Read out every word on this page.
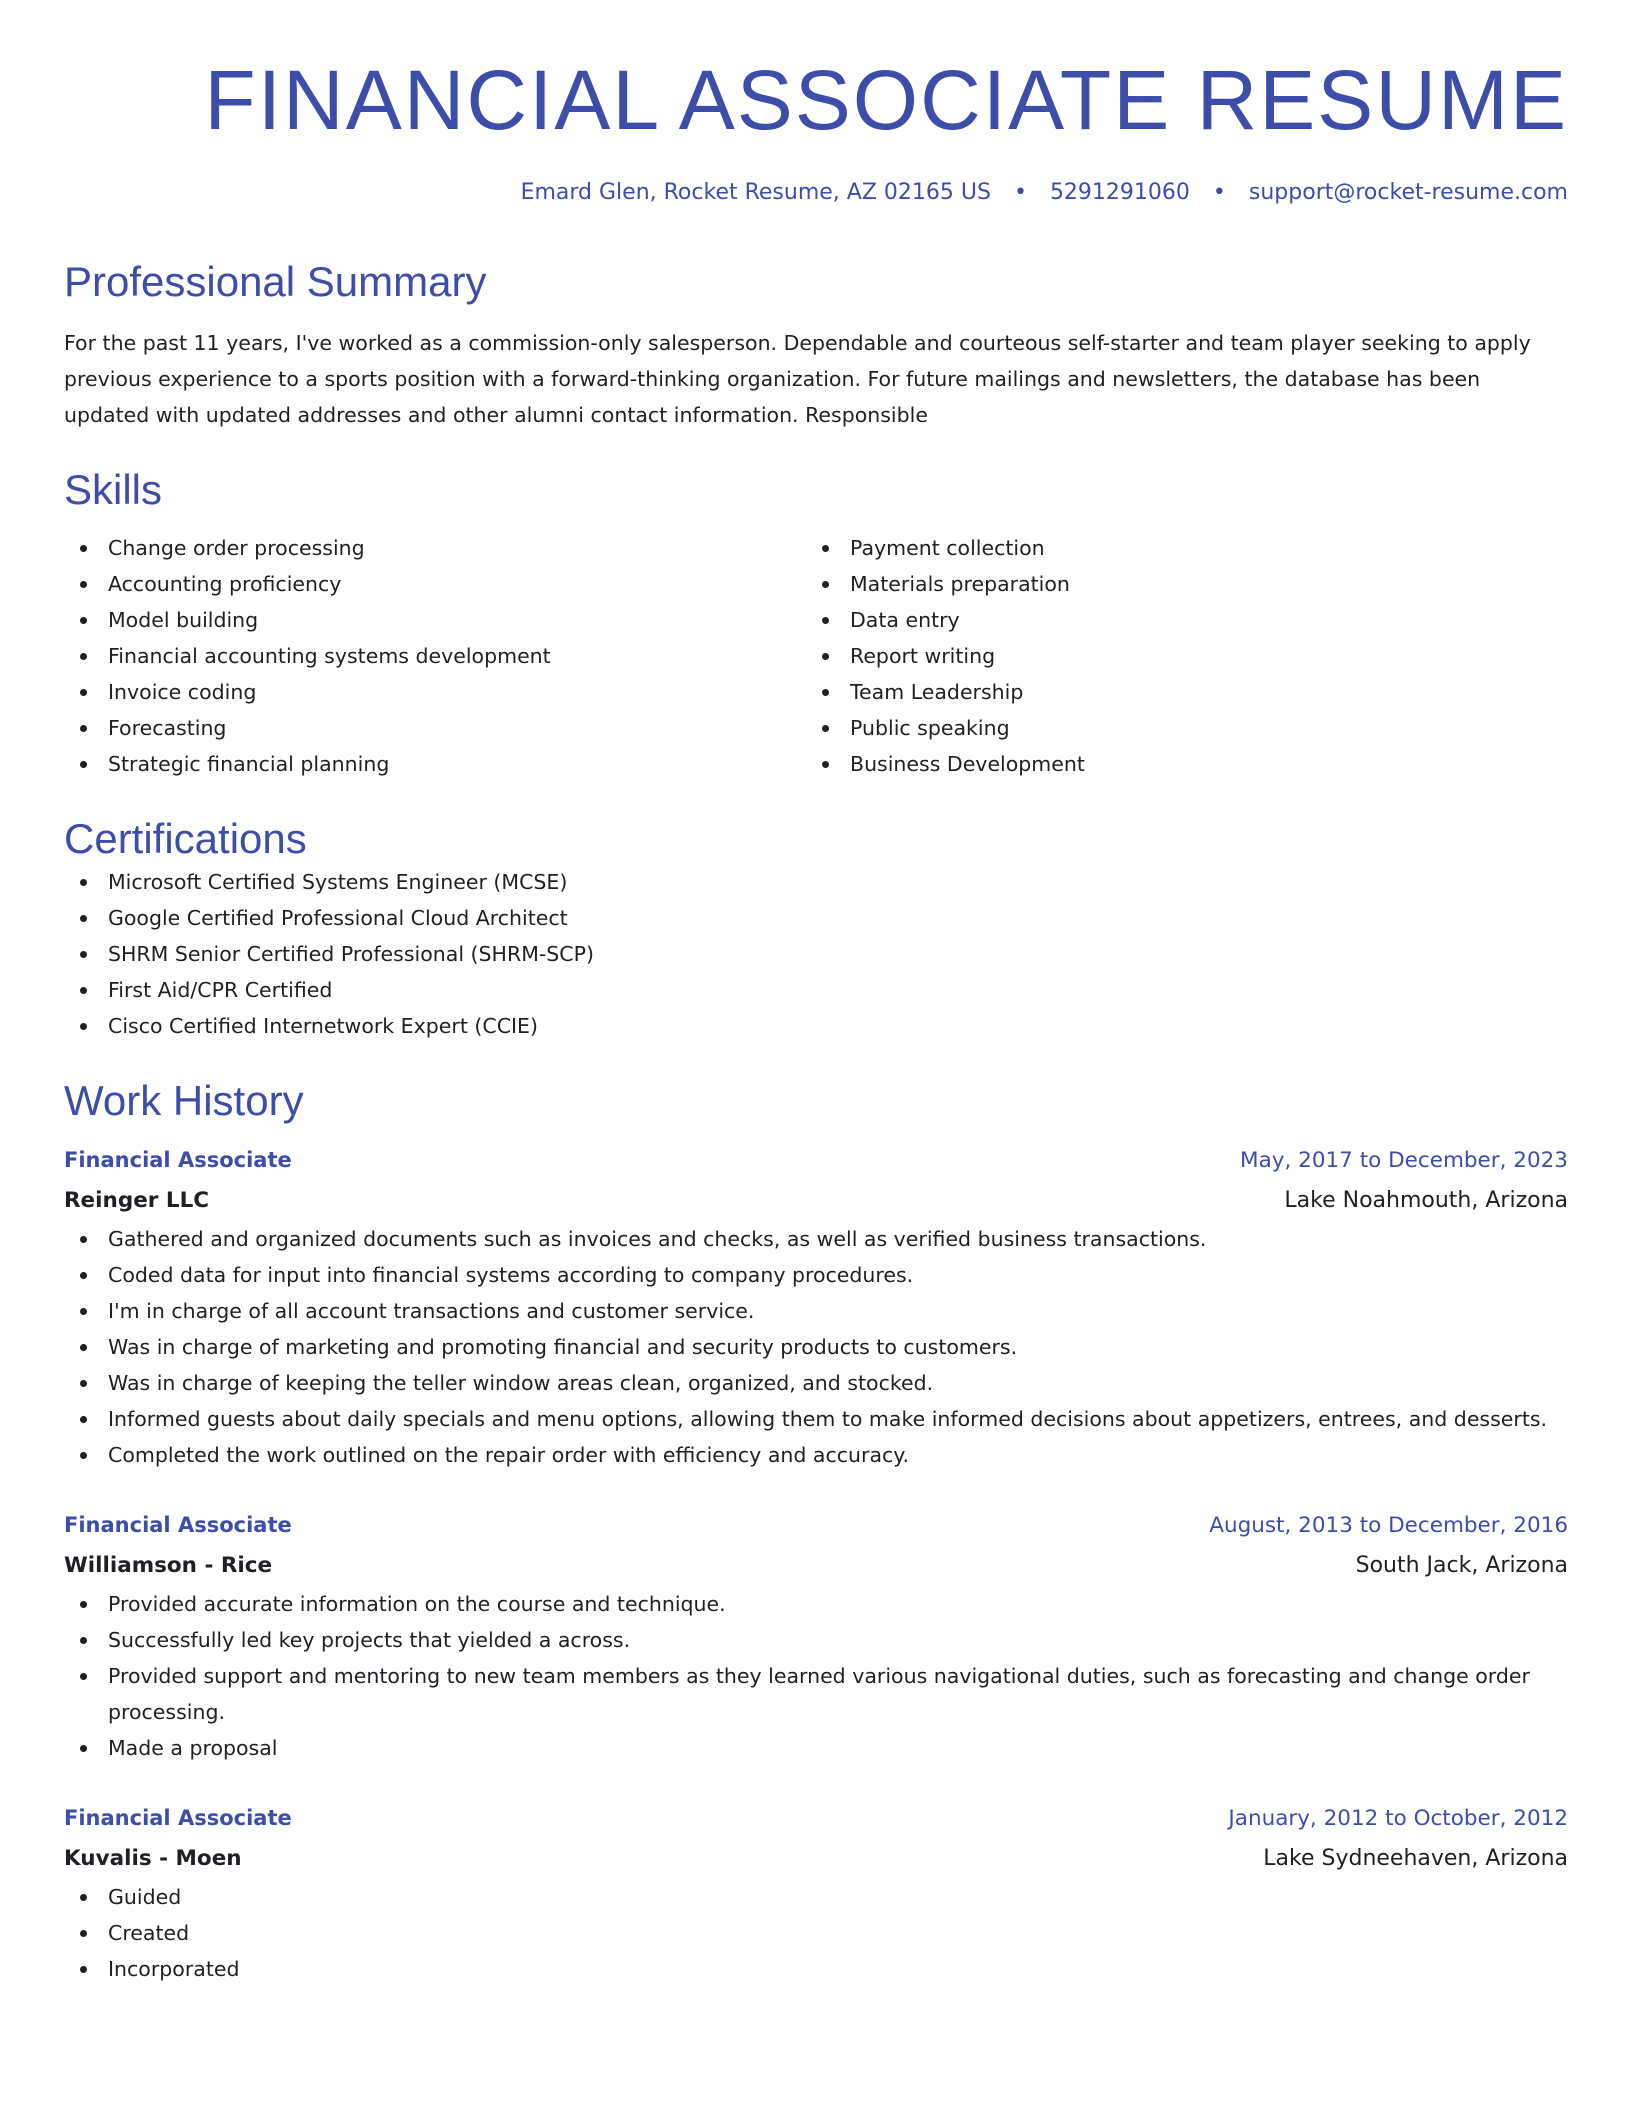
FINANCIAL ASSOCIATE RESUME
Emard Glen, Rocket Resume, AZ 02165 US • 5291291060 • support@rocket-resume.com
Professional Summary

For the past 11 years, I've worked as a commission-only salesperson. Dependable and courteous self-starter and team player seeking to apply previous experience to a sports position with a forward-thinking organization. For future mailings and newsletters, the database has been updated with updated addresses and other alumni contact information. Responsible

Skills
Change order processing
Accounting proficiency
Model building
Financial accounting systems development
Invoice coding
Forecasting
Strategic financial planning
Payment collection
Materials preparation
Data entry
Report writing
Team Leadership
Public speaking
Business Development
Certifications
Microsoft Certified Systems Engineer (MCSE)
Google Certified Professional Cloud Architect
SHRM Senior Certified Professional (SHRM-SCP)
First Aid/CPR Certified
Cisco Certified Internetwork Expert (CCIE)
Work History
Financial Associate	May, 2017 to December, 2023
Reinger LLC	Lake Noahmouth, Arizona
Gathered and organized documents such as invoices and checks, as well as verified business transactions.
Coded data for input into financial systems according to company procedures.
I'm in charge of all account transactions and customer service.
Was in charge of marketing and promoting financial and security products to customers.
Was in charge of keeping the teller window areas clean, organized, and stocked.
Informed guests about daily specials and menu options, allowing them to make informed decisions about appetizers, entrees, and desserts.
Completed the work outlined on the repair order with efficiency and accuracy.
Financial Associate	August, 2013 to December, 2016
Williamson - Rice	South Jack, Arizona
Provided accurate information on the course and technique.
Successfully led key projects that yielded a across.
Provided support and mentoring to new team members as they learned various navigational duties, such as forecasting and change order processing.
Made a proposal
Financial Associate	January, 2012 to October, 2012
Kuvalis - Moen	Lake Sydneehaven, Arizona
Guided
Created
Incorporated
